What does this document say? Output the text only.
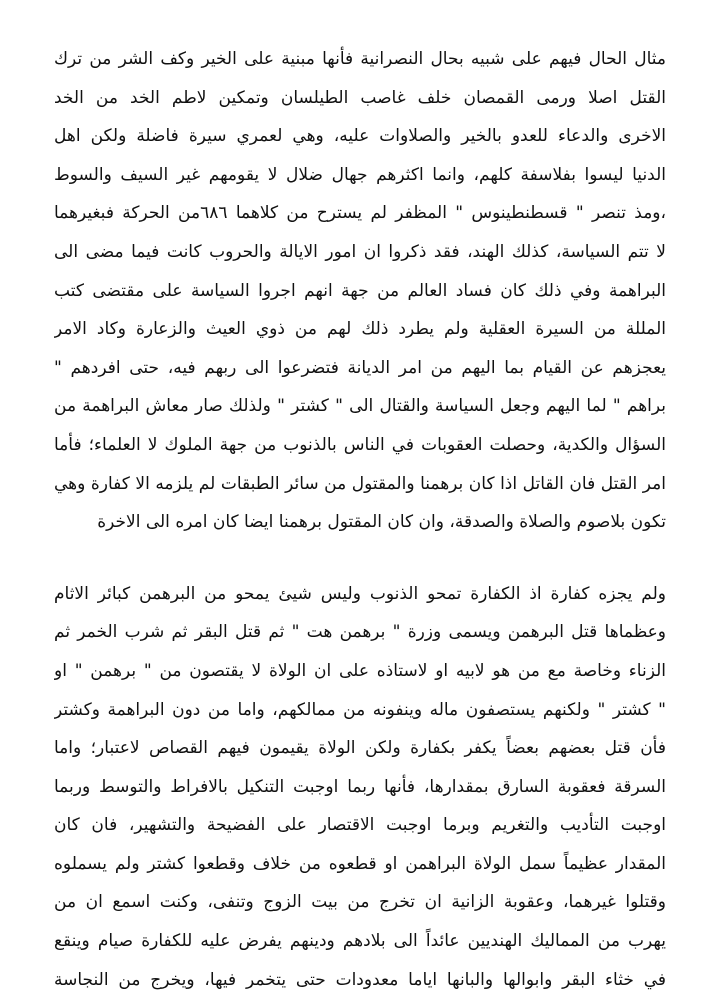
مثال الحال فيهم على شبيه بحال النصرانية فأنها مبنية على الخير وكف الشر من ترك
القتل اصلا ورمى القمصان خلف غاصب الطيلسان وتمكين لاطم الخد من الخد
الاخرى والدعاء للعدو بالخير والصلاوات عليه، وهي لعمري سيرة فاضلة ولكن اهل
الدنيا ليسوا بفلاسفة كلهم، وانما اكثرهم جهال ضلال لا يقومهم غير السيف والسوط
،ومذ تنصر " قسطنطينوس " المظفر لم يسترح من كلاهما ٦٨٦من الحركة فبغيرهما
لا تتم السياسة، كذلك الهند، فقد ذكروا ان امور الايالة والحروب كانت فيما مضى الى
البراهمة وفي ذلك كان فساد العالم من جهة انهم اجروا السياسة على مقتضى كتب
المللة من السيرة العقلية ولم يطرد ذلك لهم من ذوي العيث والزعارة وكاد الامر
يعجزهم عن القيام بما اليهم من امر الديانة فتضرعوا الى ربهم فيه، حتى افردهم "
براهم " لما اليهم وجعل السياسة والقتال الى " كشتر " ولذلك صار معاش البراهمة من
السؤال والكدية، وحصلت العقوبات في الناس بالذنوب من جهة الملوك لا العلماء؛ فأما
امر القتل فان القاتل اذا كان برهمنا والمقتول من سائر الطبقات لم يلزمه الا كفارة وهي
تكون بلاصوم والصلاة والصدقة، وان كان المقتول برهمنا ايضا كان امره الى الاخرة
ولم يجزه كفارة اذ الكفارة تمحو الذنوب وليس شيئ يمحو من البرهمن كبائر الاثام
وعظماها قتل البرهمن ويسمى وزرة " برهمن هت " ثم قتل البقر ثم شرب الخمر ثم
الزناء وخاصة مع من هو لابيه او لاستاذه على ان الولاة لا يقتصون من " برهمن " او
" كشتر " ولكنهم يستصفون ماله وينفونه من ممالكهم، واما من دون البراهمة وكشتر
فأن قتل بعضهم بعضاً يكفر بكفارة ولكن الولاة يقيمون فيهم القصاص لاعتبار؛ واما
السرقة فعقوبة السارق بمقدارها، فأنها ربما اوجبت التنكيل بالافراط والتوسط وربما
اوجبت التأديب والتغريم وبرما اوجبت الاقتصار على الفضيحة والتشهير، فان كان
المقدار عظيماً سمل الولاة البراهمن او قطعوه من خلاف وقطعوا كشتر ولم يسملوه
وقتلوا غيرهما، وعقوبة الزانية ان تخرج من بيت الزوج وتنفى، وكنت اسمع ان من
يهرب من المماليك الهنديين عائداً الى بلادهم ودينهم يفرض عليه للكفارة صيام وينقع
في خثاء البقر وابوالها والبانها اياما معدودات حتى يتخمر فيها، ويخرج من النجاسة
